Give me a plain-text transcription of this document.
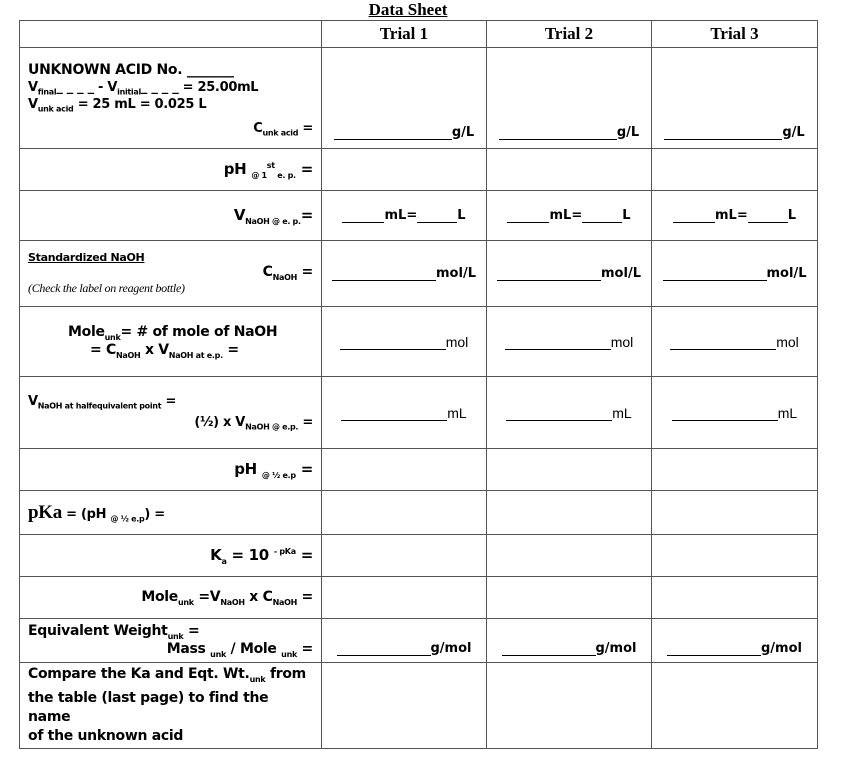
Data Sheet
	Trial 1	Trial 2	Trial 3

UNKNOWN ACID No. _______
$V_{final}\_$ _ _ _ - $V_{initial}\_$ _ _ _ = 25.00mL
$V_{unk acid} = 25$ mL = 0.025 L
$C_{unk acid}$ =	g/L	g/L	g/L

pH $_{@ 1}^{st}$ $_{e. p.}$ =			
$V_{NaOH @ e. p.}=$	mL= L	mL= L	mL= L

Standardized NaOH
$C_{NaOH}$ =
(Check the label on reagent bottle)	mol/L	mol/L	mol/L

Mole$_{unk}$= # of mole of NaOH
= $C_{NaOH}$ x $V_{NaOH at e.p.}$ =	mol	mol	mol

$V_{NaOH at halfequivalent point}$ =
(½) x $V_{NaOH @ e.p.}$ =	mL	mL	mL

pH $_{@ \frac{1}{2} e.p}$ =			
pKa = (pH $_{@ \frac{1}{2} e.p}$) =			
$K_a = 10$ $^{- pKa}$ =			
Mole$_{unk}$ $=V_{NaOH}$ x $C_{NaOH}$ =			

Equivalent Weight$_{unk}$ =
Mass $_{unk}$ / Mole $_{unk}$ =	g/mol	g/mol	g/mol

Compare the Ka and Eqt. $Wt._{unk}$ from
the table (last page) to find the name
of the unknown acid			
